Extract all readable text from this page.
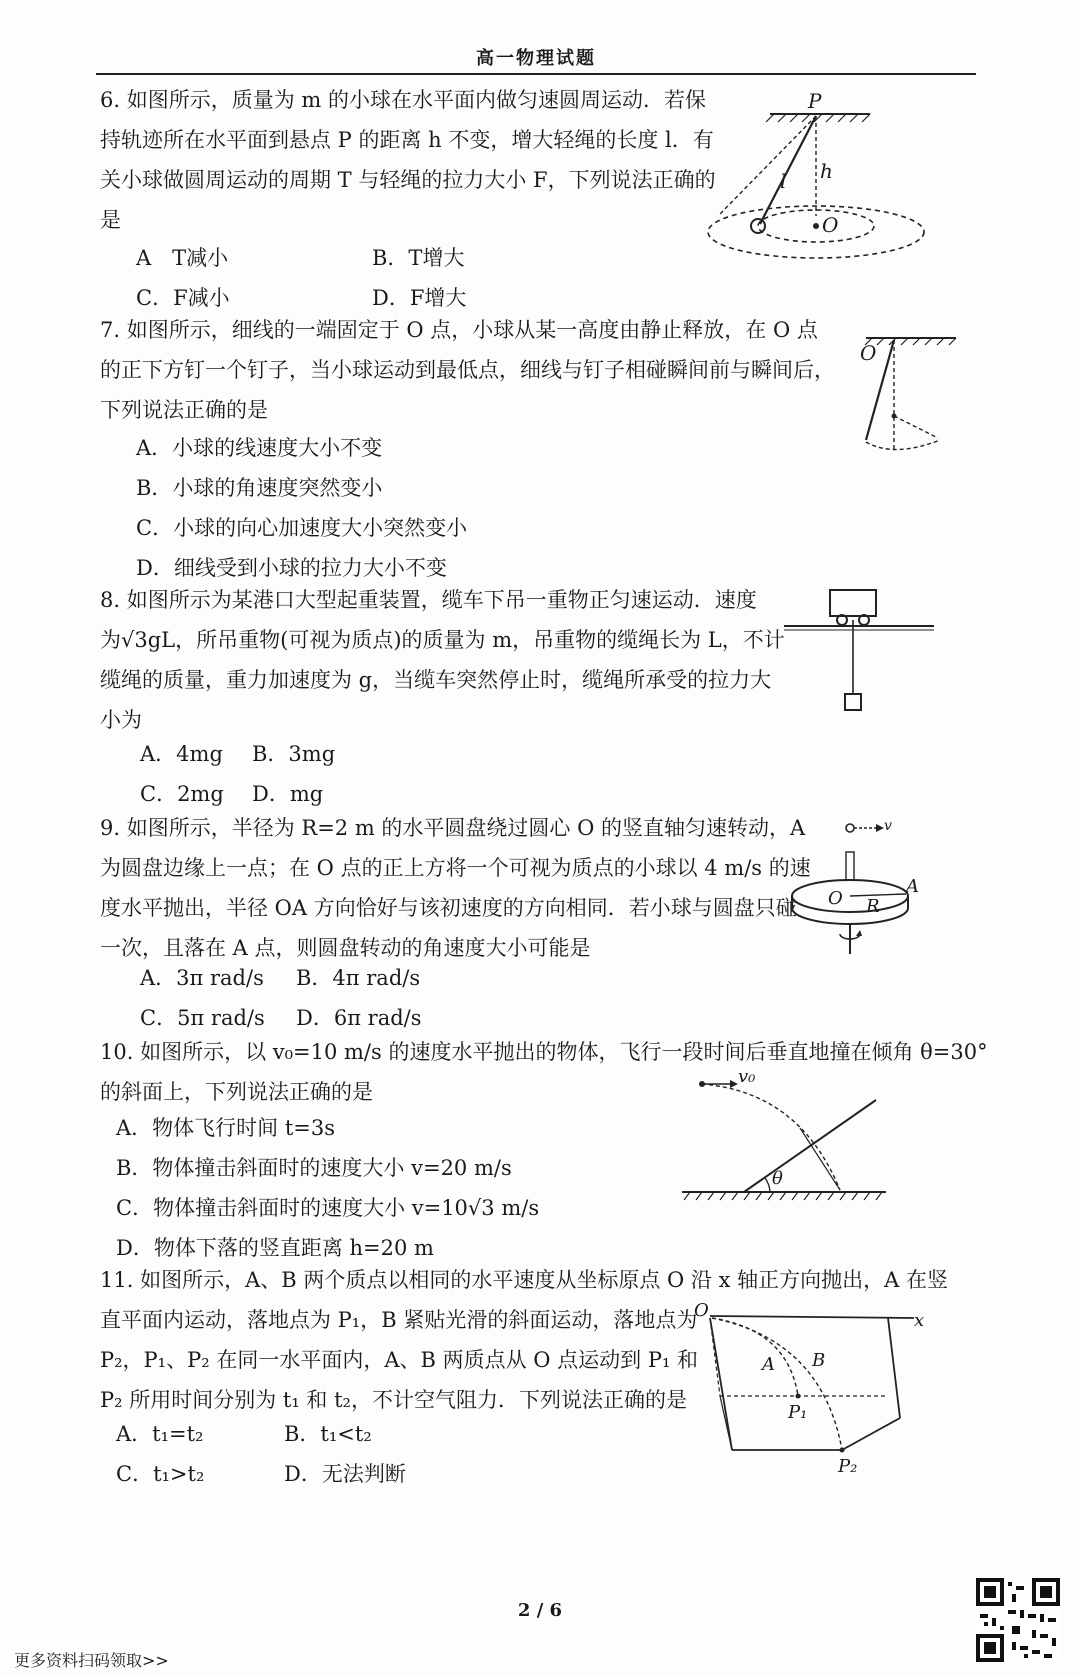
高一物理试题
6. 如图所示，质量为 m 的小球在水平面内做匀速圆周运动．若保
持轨迹所在水平面到悬点 P 的距离 h 不变，增大轻绳的长度 l．有
关小球做圆周运动的周期 T 与轻绳的拉力大小 F，下列说法正确的
是
A　T减小	B．T增大
C．F减小	D．F增大
P
h
l
O
7. 如图所示，细线的一端固定于 O 点，小球从某一高度由静止释放，在 O 点
的正下方钉一个钉子，当小球运动到最低点，细线与钉子相碰瞬间前与瞬间后，
下列说法正确的是
A．小球的线速度大小不变
B．小球的角速度突然变小
C．小球的向心加速度大小突然变小
D．细线受到小球的拉力大小不变
O
8. 如图所示为某港口大型起重装置，缆车下吊一重物正匀速运动．速度
为√3gL，所吊重物(可视为质点)的质量为 m，吊重物的缆绳长为 L，不计
缆绳的质量，重力加速度为 g，当缆车突然停止时，缆绳所承受的拉力大
小为
A．4mg B．3mg
C．2mg D．mg
9. 如图所示，半径为 R=2 m 的水平圆盘绕过圆心 O 的竖直轴匀速转动，A
为圆盘边缘上一点；在 O 点的正上方将一个可视为质点的小球以 4 m/s 的速
度水平抛出，半径 OA 方向恰好与该初速度的方向相同．若小球与圆盘只碰
一次，且落在 A 点，则圆盘转动的角速度大小可能是
A．3π rad/s B．4π rad/s
C．5π rad/s D．6π rad/s
v
O R
A
10. 如图所示，以 v₀=10 m/s 的速度水平抛出的物体，飞行一段时间后垂直地撞在倾角 θ=30°
的斜面上，下列说法正确的是
A．物体飞行时间 t=3s
B．物体撞击斜面时的速度大小 v=20 m/s
C．物体撞击斜面时的速度大小 v=10√3 m/s
D．物体下落的竖直距离 h=20 m
θ
v₀
11. 如图所示，A、B 两个质点以相同的水平速度从坐标原点 O 沿 x 轴正方向抛出，A 在竖
直平面内运动，落地点为 P₁，B 紧贴光滑的斜面运动，落地点为
P₂，P₁、P₂ 在同一水平面内，A、B 两质点从 O 点运动到 P₁ 和
P₂ 所用时间分别为 t₁ 和 t₂，不计空气阻力．下列说法正确的是
A．t₁=t₂	B．t₁<t₂
C．t₁>t₂	D．无法判断
O	x
A B
P₁
P₂
2 / 6
更多资料扫码领取>>
